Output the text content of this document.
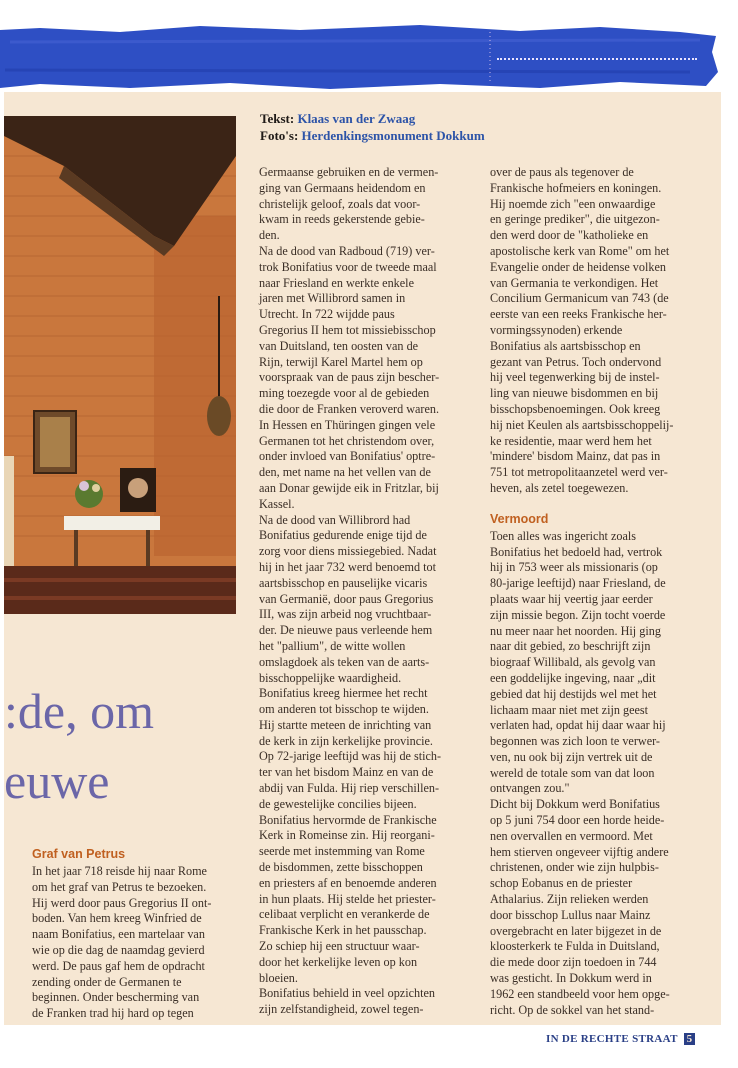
Tekst: Klaas van der Zwaag
Foto's: Herdenkingsmonument Dokkum
:de, om
euwe
Graf van Petrus

In het jaar 718 reisde hij naar Rome

om het graf van Petrus te bezoeken.

Hij werd door paus Gregorius II ont-

boden. Van hem kreeg Winfried de

naam Bonifatius, een martelaar van

wie op die dag de naamdag gevierd

werd. De paus gaf hem de opdracht

zending onder de Germanen te

beginnen. Onder bescherming van

de Franken trad hij hard op tegen

Germaanse gebruiken en de vermen-

ging van Germaans heidendom en

christelijk geloof, zoals dat voor-

kwam in reeds gekerstende gebie-

den.

Na de dood van Radboud (719) ver-

trok Bonifatius voor de tweede maal

naar Friesland en werkte enkele

jaren met Willibrord samen in

Utrecht. In 722 wijdde paus

Gregorius II hem tot missiebisschop

van Duitsland, ten oosten van de

Rijn, terwijl Karel Martel hem op

voorspraak van de paus zijn bescher-

ming toezegde voor al de gebieden

die door de Franken veroverd waren.

In Hessen en Thüringen gingen vele

Germanen tot het christendom over,

onder invloed van Bonifatius' optre-

den, met name na het vellen van de

aan Donar gewijde eik in Fritzlar, bij

Kassel.

Na de dood van Willibrord had

Bonifatius gedurende enige tijd de

zorg voor diens missiegebied. Nadat

hij in het jaar 732 werd benoemd tot

aartsbisschop en pauselijke vicaris

van Germanië, door paus Gregorius

III, was zijn arbeid nog vruchtbaar-

der. De nieuwe paus verleende hem

het "pallium", de witte wollen

omslagdoek als teken van de aarts-

bisschoppelijke waardigheid.

Bonifatius kreeg hiermee het recht

om anderen tot bisschop te wijden.

Hij startte meteen de inrichting van

de kerk in zijn kerkelijke provincie.

Op 72-jarige leeftijd was hij de stich-

ter van het bisdom Mainz en van de

abdij van Fulda. Hij riep verschillen-

de gewestelijke concilies bijeen.

Bonifatius hervormde de Frankische

Kerk in Romeinse zin. Hij reorgani-

seerde met instemming van Rome

de bisdommen, zette bisschoppen

en priesters af en benoemde anderen

in hun plaats. Hij stelde het priester-

celibaat verplicht en verankerde de

Frankische Kerk in het pausschap.

Zo schiep hij een structuur waar-

door het kerkelijke leven op kon

bloeien.

Bonifatius behield in veel opzichten

zijn zelfstandigheid, zowel tegen-

over de paus als tegenover de

Frankische hofmeiers en koningen.

Hij noemde zich "een onwaardige

en geringe prediker", die uitgezon-

den werd door de "katholieke en

apostolische kerk van Rome" om het

Evangelie onder de heidense volken

van Germania te verkondigen. Het

Concilium Germanicum van 743 (de

eerste van een reeks Frankische her-

vormingssynoden) erkende

Bonifatius als aartsbisschop en

gezant van Petrus. Toch ondervond

hij veel tegenwerking bij de instel-

ling van nieuwe bisdommen en bij

bisschopsbenoemingen. Ook kreeg

hij niet Keulen als aartsbisschoppelij-

ke residentie, maar werd hem het

'mindere' bisdom Mainz, dat pas in

751 tot metropolitaanzetel werd ver-

heven, als zetel toegewezen.

Vermoord

Toen alles was ingericht zoals

Bonifatius het bedoeld had, vertrok

hij in 753 weer als missionaris (op

80-jarige leeftijd) naar Friesland, de

plaats waar hij veertig jaar eerder

zijn missie begon. Zijn tocht voerde

nu meer naar het noorden. Hij ging

naar dit gebied, zo beschrijft zijn

biograaf Willibald, als gevolg van

een goddelijke ingeving, naar „dit

gebied dat hij destijds wel met het

lichaam maar niet met zijn geest

verlaten had, opdat hij daar waar hij

begonnen was zich loon te verwer-

ven, nu ook bij zijn vertrek uit de

wereld de totale som van dat loon

ontvangen zou."

Dicht bij Dokkum werd Bonifatius

op 5 juni 754 door een horde heide-

nen overvallen en vermoord. Met

hem stierven ongeveer vijftig andere

christenen, onder wie zijn hulpbis-

schop Eobanus en de priester

Athalarius. Zijn relieken werden

door bisschop Lullus naar Mainz

overgebracht en later bijgezet in de

kloosterkerk te Fulda in Duitsland,

die mede door zijn toedoen in 744

was gesticht. In Dokkum werd in

1962 een standbeeld voor hem opge-

richt. Op de sokkel van het stand-

IN DE RECHTE STRAAT 5
